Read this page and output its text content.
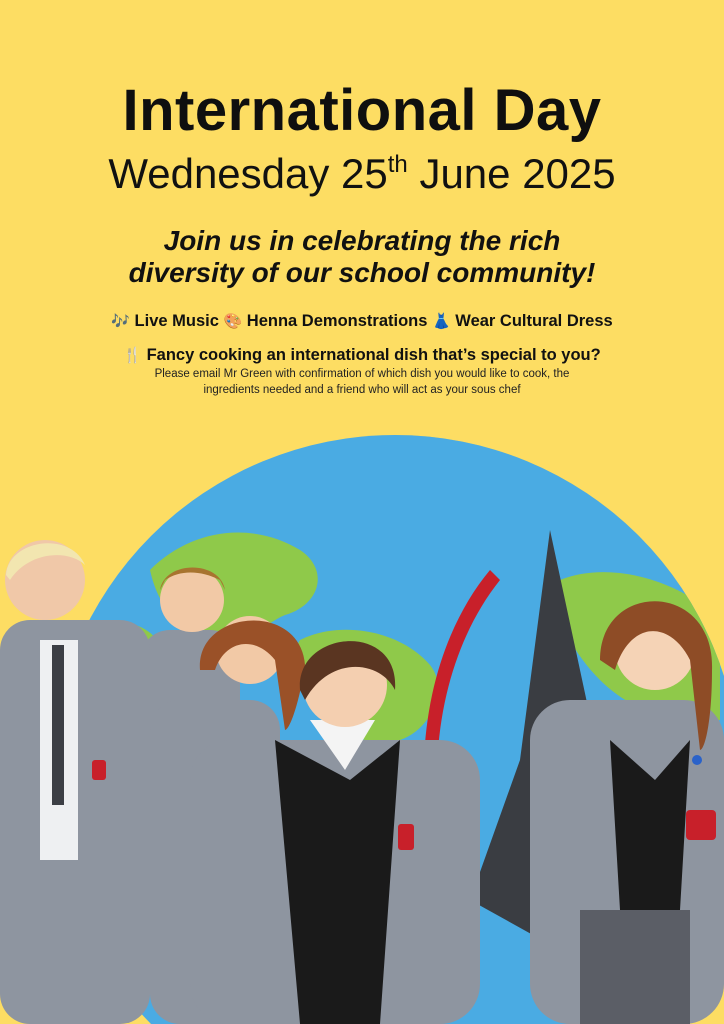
International Day
Wednesday 25th June 2025
Join us in celebrating the rich
diversity of our school community!
🎶 Live Music 🎨 Henna Demonstrations 👗 Wear Cultural Dress
🍴 Fancy cooking an international dish that’s special to you?
Please email Mr Green with confirmation of which dish you would like to cook, the
ingredients needed and a friend who will act as your sous chef
